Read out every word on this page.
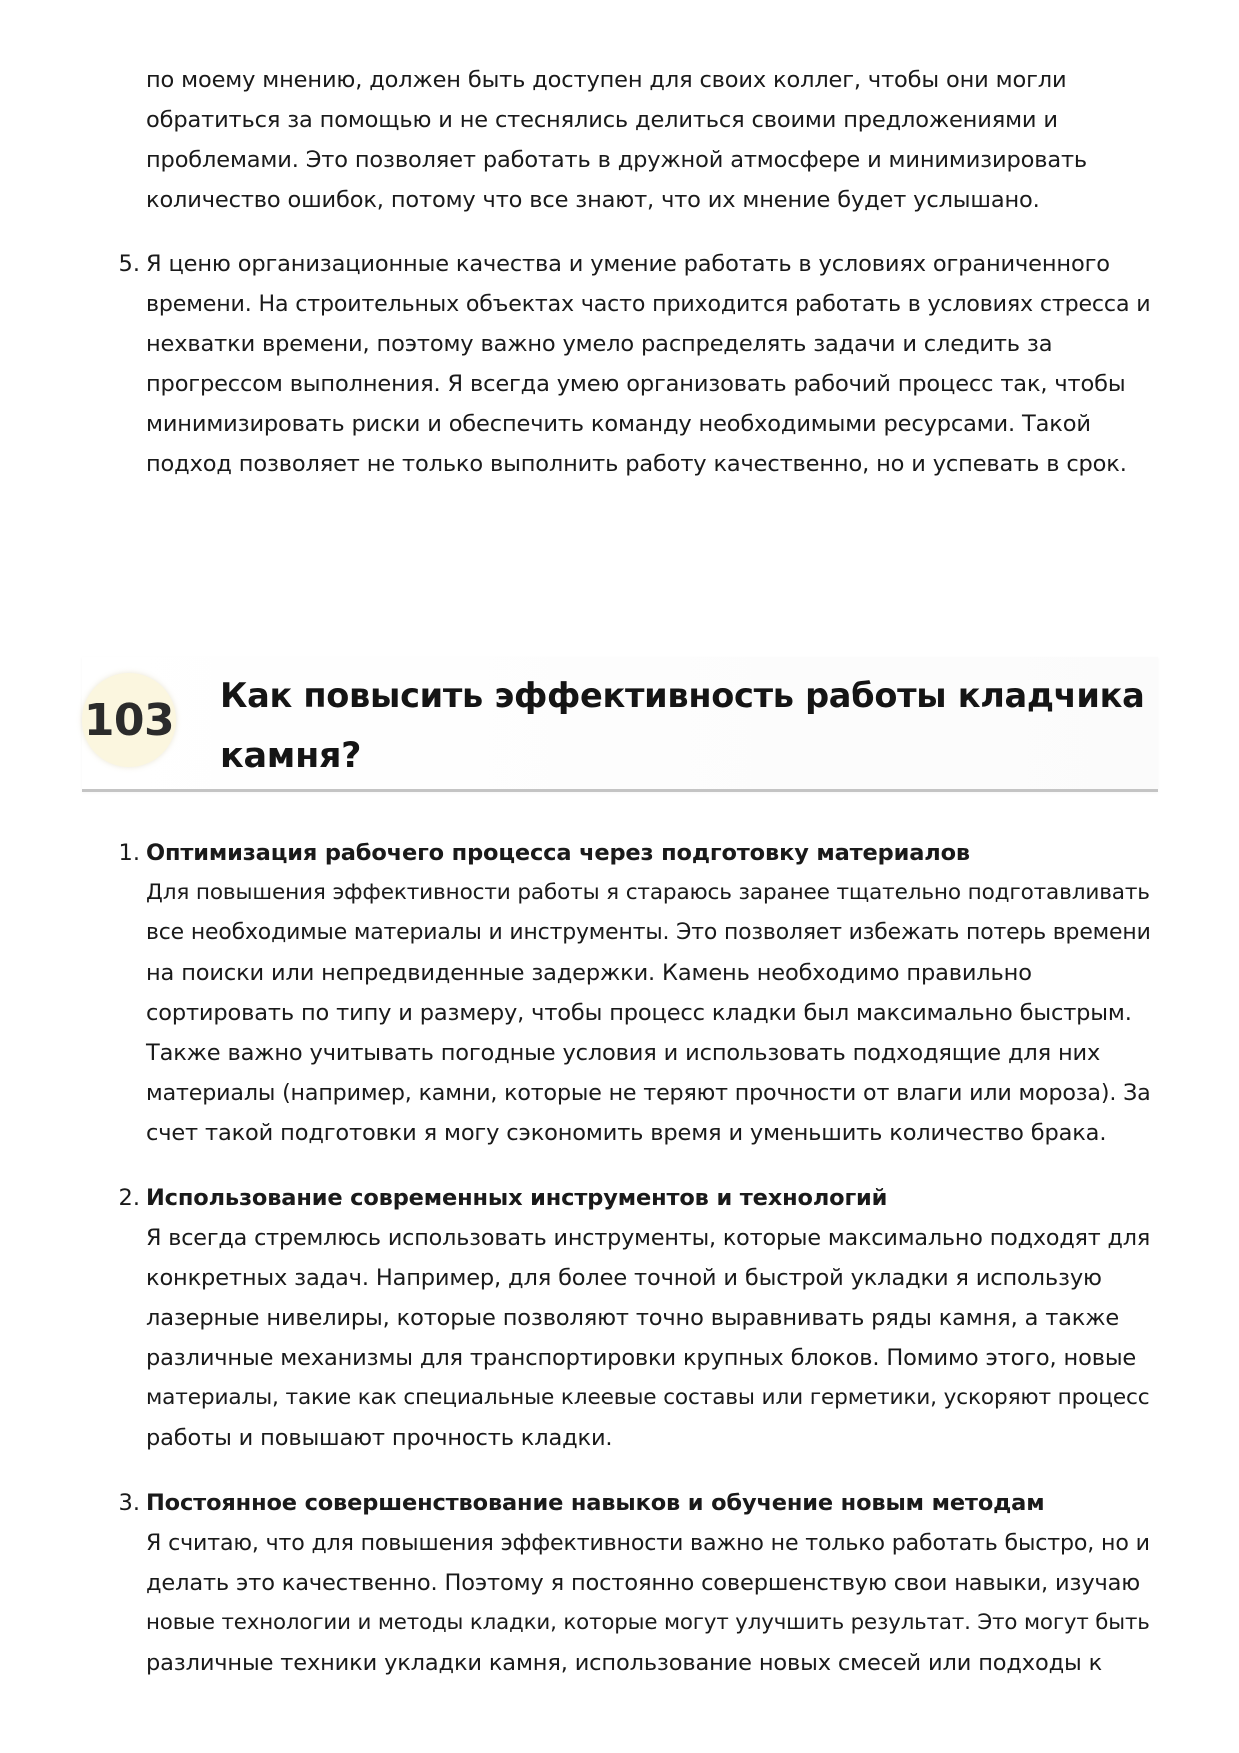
по моему мнению, должен быть доступен для своих коллег, чтобы они могли
обратиться за помощью и не стеснялись делиться своими предложениями и
проблемами. Это позволяет работать в дружной атмосфере и минимизировать
количество ошибок, потому что все знают, что их мнение будет услышано.
5. Я ценю организационные качества и умение работать в условиях ограниченного
времени. На строительных объектах часто приходится работать в условиях стресса и
нехватки времени, поэтому важно умело распределять задачи и следить за
прогрессом выполнения. Я всегда умею организовать рабочий процесс так, чтобы
минимизировать риски и обеспечить команду необходимыми ресурсами. Такой
подход позволяет не только выполнить работу качественно, но и успевать в срок.
103 Как повысить эффективность работы кладчика
камня?
1. Оптимизация рабочего процесса через подготовку материалов
Для повышения эффективности работы я стараюсь заранее тщательно подготавливать
все необходимые материалы и инструменты. Это позволяет избежать потерь времени
на поиски или непредвиденные задержки. Камень необходимо правильно
сортировать по типу и размеру, чтобы процесс кладки был максимально быстрым.
Также важно учитывать погодные условия и использовать подходящие для них
материалы (например, камни, которые не теряют прочности от влаги или мороза). За
счет такой подготовки я могу сэкономить время и уменьшить количество брака.
2. Использование современных инструментов и технологий
Я всегда стремлюсь использовать инструменты, которые максимально подходят для
конкретных задач. Например, для более точной и быстрой укладки я использую
лазерные нивелиры, которые позволяют точно выравнивать ряды камня, а также
различные механизмы для транспортировки крупных блоков. Помимо этого, новые
материалы, такие как специальные клеевые составы или герметики, ускоряют процесс
работы и повышают прочность кладки.
3. Постоянное совершенствование навыков и обучение новым методам
Я считаю, что для повышения эффективности важно не только работать быстро, но и
делать это качественно. Поэтому я постоянно совершенствую свои навыки, изучаю
новые технологии и методы кладки, которые могут улучшить результат. Это могут быть
различные техники укладки камня, использование новых смесей или подходы к
